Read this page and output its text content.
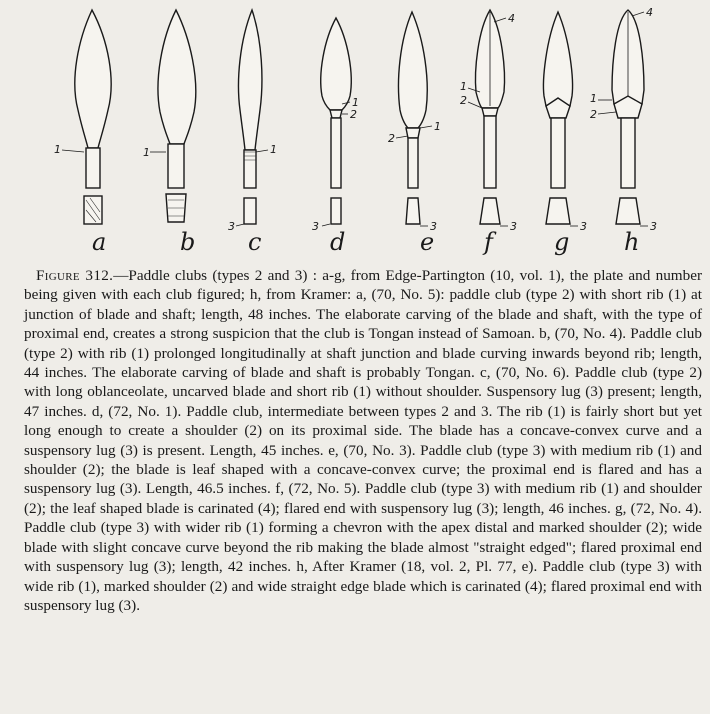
1
a
1
b
1
3
c
1
2
3
d
1
2
3
e
4
1
2
3
f
3
g
4
1
2
3
h

Figure 312.—Paddle clubs (types 2 and 3) : a-g, from Edge-Partington (10, vol. 1), the plate and number being given with each club figured; h, from Kramer: a, (70, No. 5): paddle club (type 2) with short rib (1) at junction of blade and shaft; length, 48 inches. The elaborate carving of the blade and shaft, with the type of proximal end, creates a strong suspicion that the club is Tongan instead of Samoan. b, (70, No. 4). Paddle club (type 2) with rib (1) prolonged longitudinally at shaft junction and blade curving inwards beyond rib; length, 44 inches. The elaborate carving of blade and shaft is probably Tongan. c, (70, No. 6). Paddle club (type 2) with long oblanceolate, uncarved blade and short rib (1) without shoulder. Suspensory lug (3) present; length, 47 inches. d, (72, No. 1). Paddle club, intermediate between types 2 and 3. The rib (1) is fairly short but yet long enough to create a shoulder (2) on its proximal side. The blade has a concave-convex curve and a suspensory lug (3) is present. Length, 45 inches. e, (70, No. 3). Paddle club (type 3) with medium rib (1) and shoulder (2); the blade is leaf shaped with a concave-convex curve; the proximal end is flared and has a suspensory lug (3). Length, 46.5 inches. f, (72, No. 5). Paddle club (type 3) with medium rib (1) and shoulder (2); the leaf shaped blade is carinated (4); flared end with suspensory lug (3); length, 46 inches. g, (72, No. 4). Paddle club (type 3) with wider rib (1) forming a chevron with the apex distal and marked shoulder (2); wide blade with slight concave curve beyond the rib making the blade almost "straight edged"; flared proximal end with suspensory lug (3); length, 42 inches. h, After Kramer (18, vol. 2, Pl. 77, e). Paddle club (type 3) with wide rib (1), marked shoulder (2) and wide straight edge blade which is carinated (4); flared proximal end with suspensory lug (3).
